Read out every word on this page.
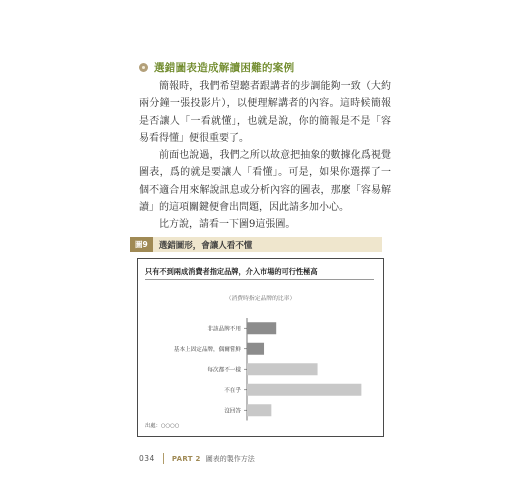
選錯圖表造成解讀困難的案例

簡報時，我們希望聽者跟講者的步調能夠一致（大約兩分鐘一張投影片），以便理解講者的內容。這時候簡報是否讓人「一看就懂」，也就是說，你的簡報是不是「容易看得懂」便很重要了。

前面也說過，我們之所以故意把抽象的數據化爲視覺圖表，爲的就是要讓人「看懂」。可是，如果你選擇了一個不適合用來解說訊息或分析內容的圖表，那麼「容易解讀」的這項關鍵便會出問題，因此請多加小心。

比方說，請看一下圖9這張圖。

圖9	選錯圖形，會讓人看不懂
非該品牌不用
基本上固定品牌，偶爾嘗鮮
每次都不一樣
不在乎
沒回答
只有不到兩成消費者指定品牌，介入市場的可行性極高
（消費時指定品牌的比率）
出處：○○○○
034 PART 2 圖表的製作方法
